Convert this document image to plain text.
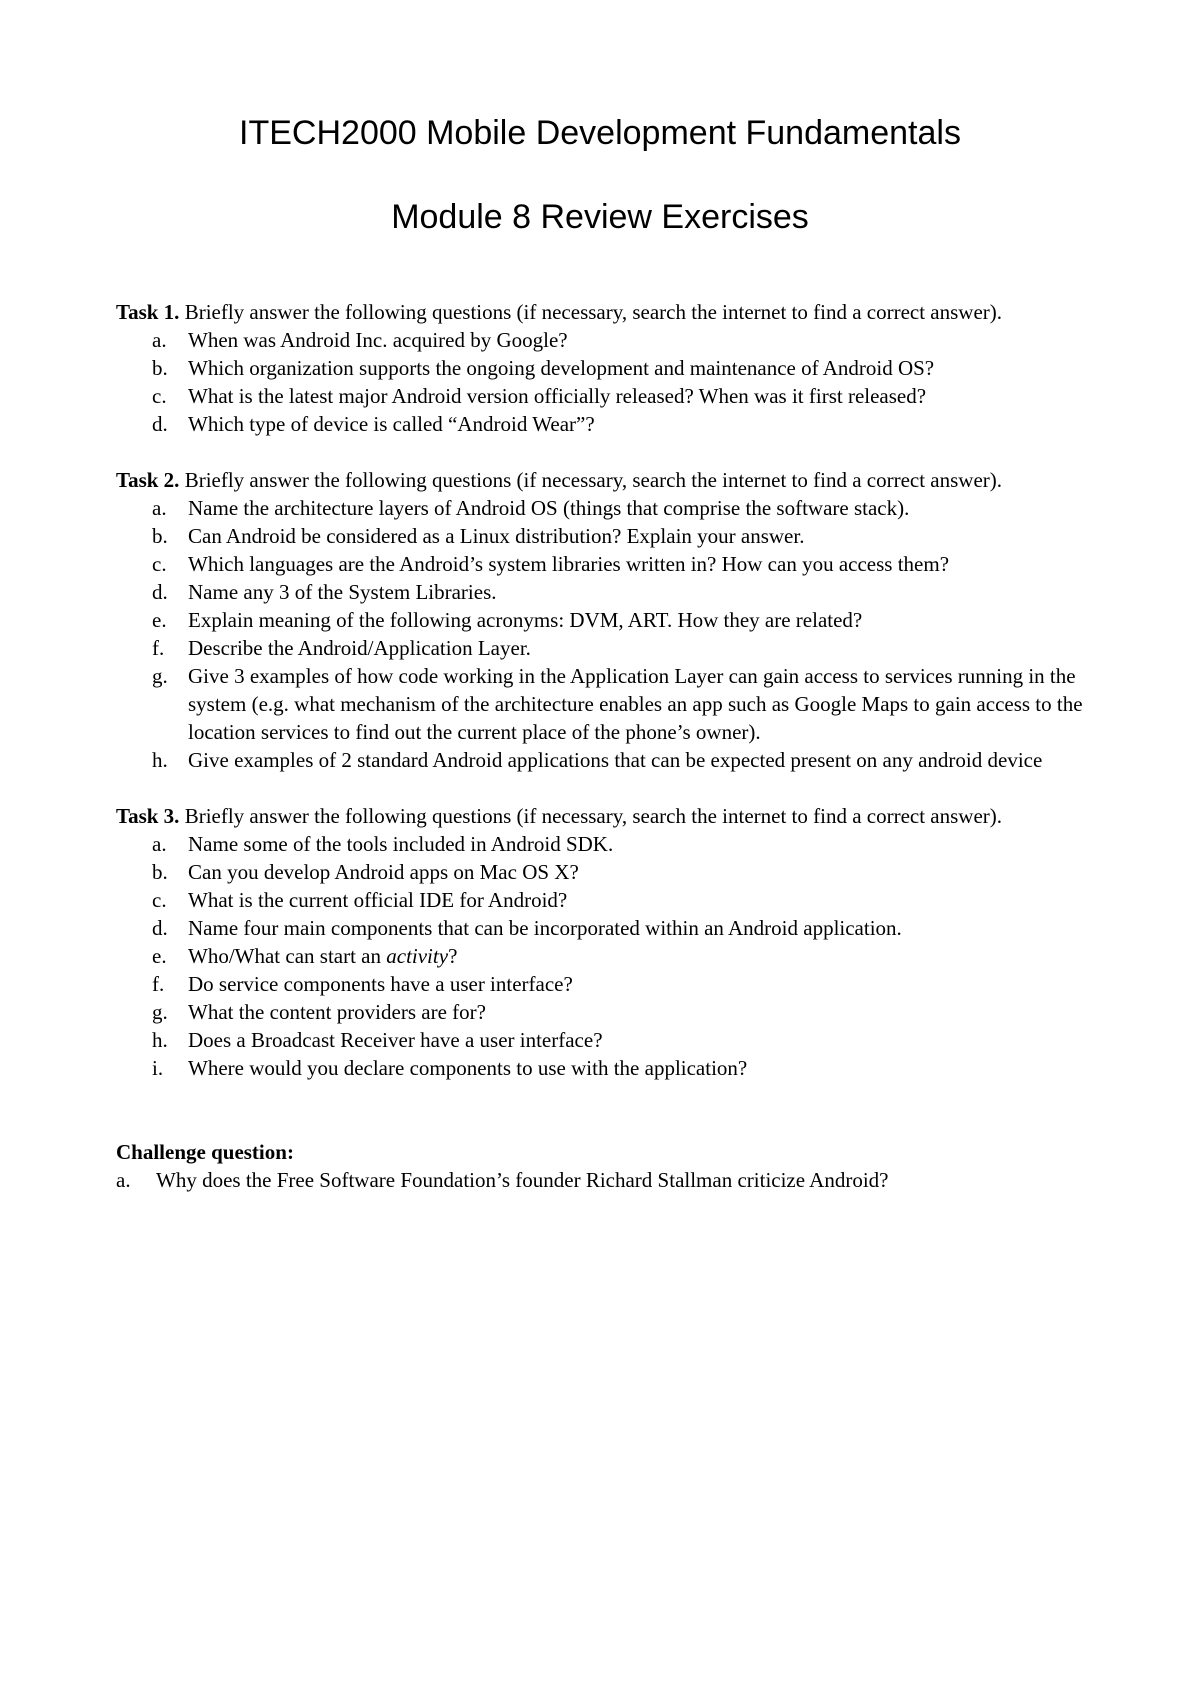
ITECH2000 Mobile Development Fundamentals
Module 8 Review Exercises

Task 1. Briefly answer the following questions (if necessary, search the internet to find a correct answer).

a. When was Android Inc. acquired by Google?
b. Which organization supports the ongoing development and maintenance of Android OS?
c. What is the latest major Android version officially released? When was it first released?
d. Which type of device is called “Android Wear”?

Task 2. Briefly answer the following questions (if necessary, search the internet to find a correct answer).

a. Name the architecture layers of Android OS (things that comprise the software stack).
b. Can Android be considered as a Linux distribution? Explain your answer.
c. Which languages are the Android’s system libraries written in? How can you access them?
d. Name any 3 of the System Libraries.
e. Explain meaning of the following acronyms: DVM, ART. How they are related?
f. Describe the Android/Application Layer.
g. Give 3 examples of how code working in the Application Layer can gain access to services running in the system (e.g. what mechanism of the architecture enables an app such as Google Maps to gain access to the location services to find out the current place of the phone’s owner).
h. Give examples of 2 standard Android applications that can be expected present on any android device

Task 3. Briefly answer the following questions (if necessary, search the internet to find a correct answer).

a. Name some of the tools included in Android SDK.
b. Can you develop Android apps on Mac OS X?
c. What is the current official IDE for Android?
d. Name four main components that can be incorporated within an Android application.
e. Who/What can start an activity?
f. Do service components have a user interface?
g. What the content providers are for?
h. Does a Broadcast Receiver have a user interface?
i. Where would you declare components to use with the application?

Challenge question:

a. Why does the Free Software Foundation’s founder Richard Stallman criticize Android?
